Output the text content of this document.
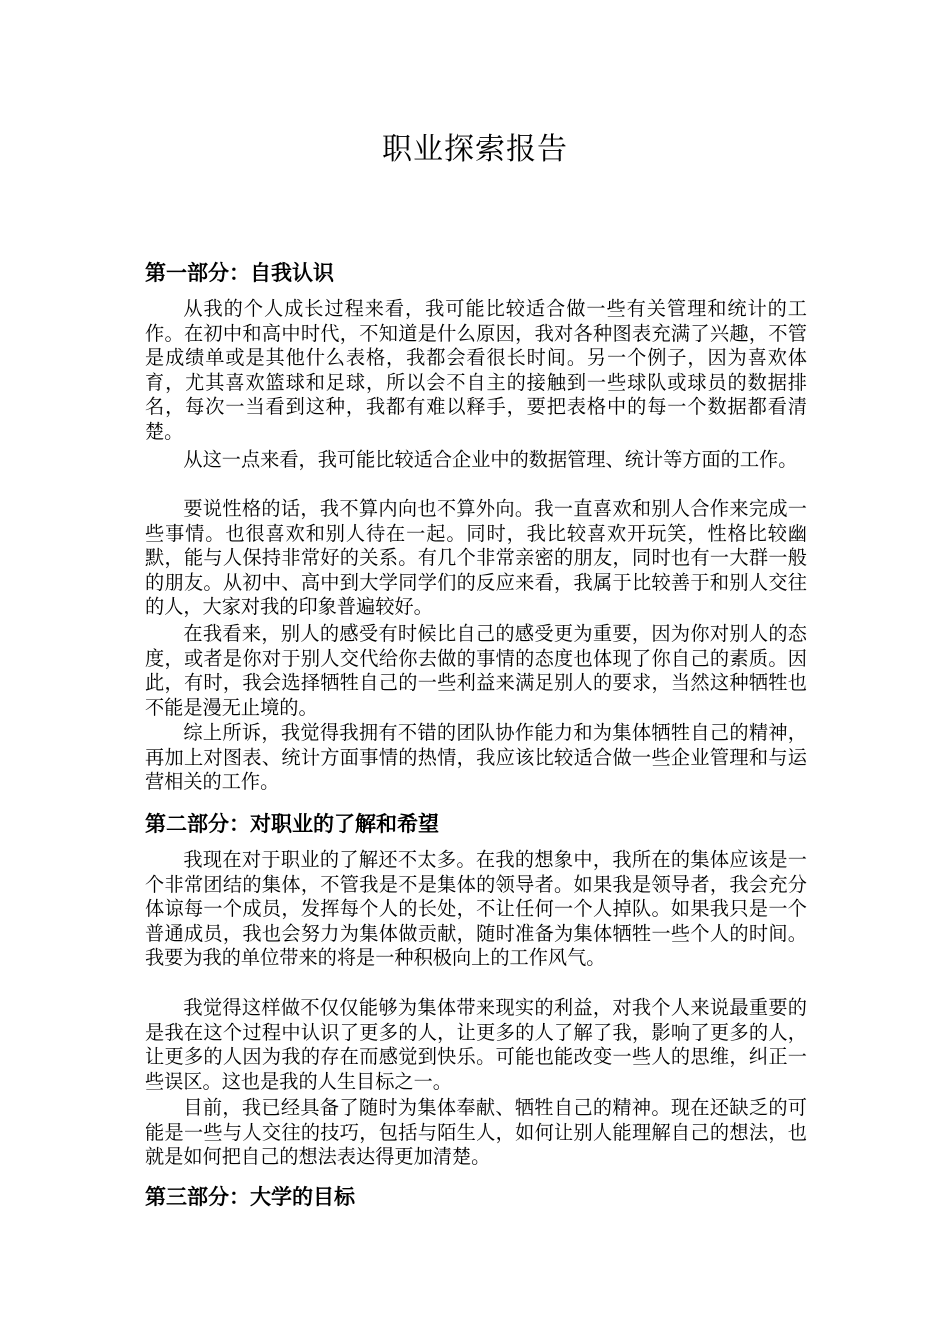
职业探索报告
第一部分：自我认识

从我的个人成长过程来看，我可能比较适合做一些有关管理和统计的工作。在初中和高中时代，不知道是什么原因，我对各种图表充满了兴趣，不管是成绩单或是其他什么表格，我都会看很长时间。另一个例子，因为喜欢体育，尤其喜欢篮球和足球，所以会不自主的接触到一些球队或球员的数据排名，每次一当看到这种，我都有难以释手，要把表格中的每一个数据都看清楚。

从这一点来看，我可能比较适合企业中的数据管理、统计等方面的工作。

要说性格的话，我不算内向也不算外向。我一直喜欢和别人合作来完成一些事情。也很喜欢和别人待在一起。同时，我比较喜欢开玩笑，性格比较幽默，能与人保持非常好的关系。有几个非常亲密的朋友，同时也有一大群一般的朋友。从初中、高中到大学同学们的反应来看，我属于比较善于和别人交往的人，大家对我的印象普遍较好。

在我看来，别人的感受有时候比自己的感受更为重要，因为你对别人的态度，或者是你对于别人交代给你去做的事情的态度也体现了你自己的素质。因此，有时，我会选择牺牲自己的一些利益来满足别人的要求，当然这种牺牲也不能是漫无止境的。

综上所诉，我觉得我拥有不错的团队协作能力和为集体牺牲自己的精神，再加上对图表、统计方面事情的热情，我应该比较适合做一些企业管理和与运营相关的工作。

第二部分：对职业的了解和希望

我现在对于职业的了解还不太多。在我的想象中，我所在的集体应该是一个非常团结的集体，不管我是不是集体的领导者。如果我是领导者，我会充分体谅每一个成员，发挥每个人的长处，不让任何一个人掉队。如果我只是一个普通成员，我也会努力为集体做贡献，随时准备为集体牺牲一些个人的时间。我要为我的单位带来的将是一种积极向上的工作风气。

我觉得这样做不仅仅能够为集体带来现实的利益，对我个人来说最重要的是我在这个过程中认识了更多的人，让更多的人了解了我，影响了更多的人，让更多的人因为我的存在而感觉到快乐。可能也能改变一些人的思维，纠正一些误区。这也是我的人生目标之一。

目前，我已经具备了随时为集体奉献、牺牲自己的精神。现在还缺乏的可能是一些与人交往的技巧，包括与陌生人，如何让别人能理解自己的想法，也就是如何把自己的想法表达得更加清楚。

第三部分：大学的目标
